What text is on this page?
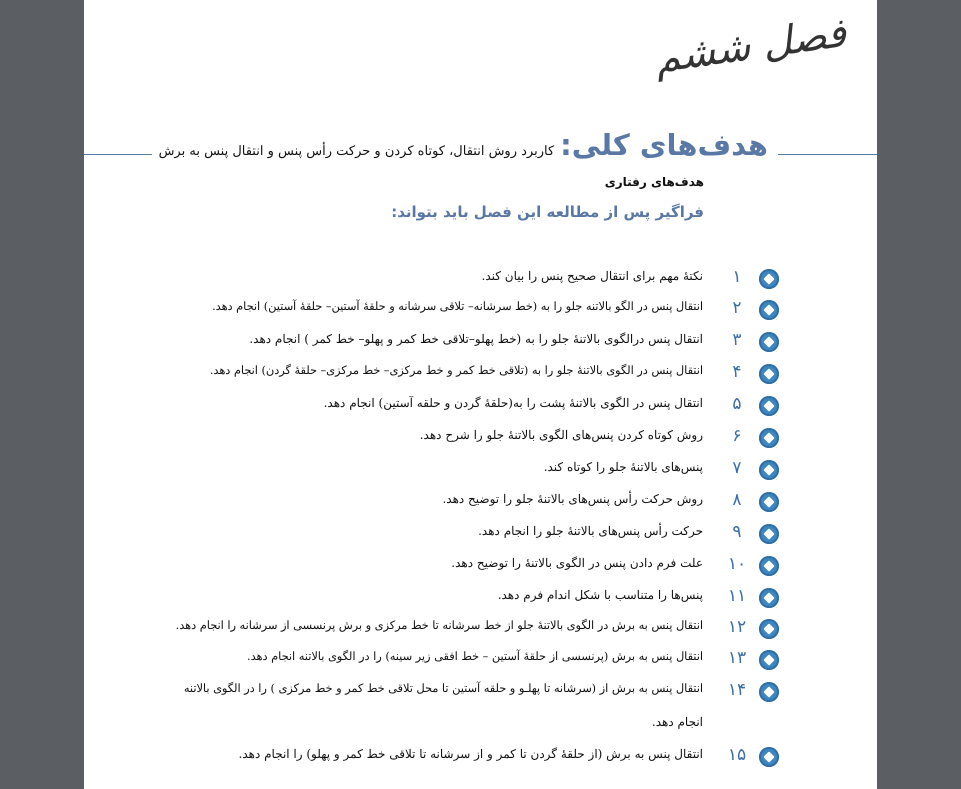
فصل ششم
هدف‌های کلی:
کاربرد روش انتقال، کوتاه کردن و حرکت رأس پنس و انتقال پنس به برش
هدف‌های رفتاری
فراگیر پس از مطالعه این فصل باید بتواند:
۱
نکتهٔ مهم برای انتقال صحیح پنس را بیان کند.
۲
انتقال پنس در الگو بالاتنه جلو را به (خط سرشانه– تلاقی سرشانه و حلقهٔ آستین– حلقهٔ آستین) انجام دهد.
۳
انتقال پنس درالگوی بالاتنهٔ جلو را به (خط پهلو–تلاقی خط کمر و پهلو– خط کمر ) انجام دهد.
۴
انتقال پنس در الگوی بالاتنهٔ جلو را به (تلاقی خط کمر و خط مرکزی– خط مرکزی– حلقهٔ گردن) انجام دهد.
۵
انتقال پنس در الگوی بالاتنهٔ پشت را به(حلقهٔ گردن و حلقه آستین) انجام دهد.
۶
روش کوتاه کردن پنس‌های الگوی بالاتنهٔ جلو را شرح دهد.
۷
پنس‌های بالاتنهٔ جلو را کوتاه کند.
۸
روش حرکت رأس پنس‌های بالاتنهٔ جلو را توضیح دهد.
۹
حرکت رأس پنس‌های بالاتنهٔ جلو را انجام دهد.
۱۰
علت فرم دادن پنس در الگوی بالاتنهٔ را توضیح دهد.
۱۱
پنس‌ها را متناسب با شکل اندام فرم دهد.
۱۲
انتقال پنس به برش در الگوی بالاتنهٔ جلو از خط سرشانه تا خط مرکزی و برش پرنسسی از سرشانه را انجام دهد.
۱۳
انتقال پنس به برش (پرنسسی از حلقهٔ آستین – خط افقی زیر سینه) را در الگوی بالاتنه انجام دهد.
۱۴
انتقال پنس به برش از (سرشانه تا پهلـو و حلقه آستین تا محل تلاقی خط کمر و خط مرکزی ) را در الگوی بالاتنه
انجام دهد.
۱۵
انتقال پنس به برش (از حلقهٔ گردن تا کمر و از سرشانه تا تلاقی خط کمر و پهلو) را انجام دهد.
